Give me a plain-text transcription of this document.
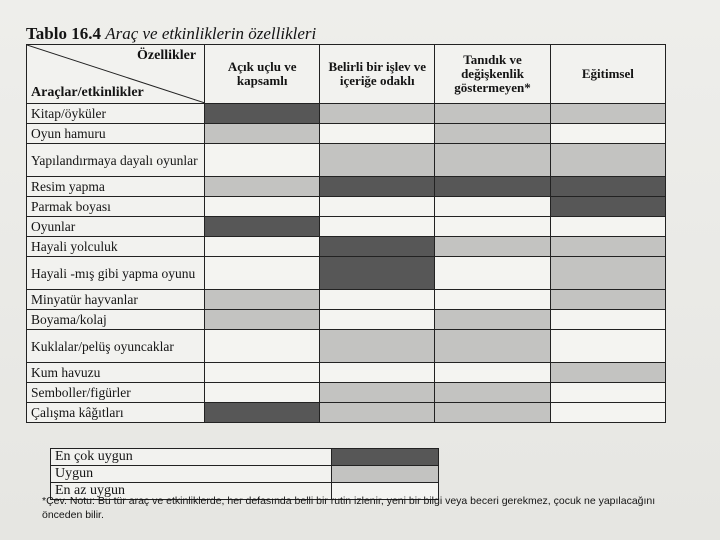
Tablo 16.4 Araç ve etkinliklerin özellikleri
Özellikler
Araçlar/etkinlikler	Açık uçlu ve kapsamlı	Belirli bir işlev ve içeriğe odaklı	Tanıdık ve değişkenlik göstermeyen*	Eğitimsel
Kitap/öyküler				
Oyun hamuru				
Yapılandırmaya dayalı oyunlar				
Resim yapma				
Parmak boyası				
Oyunlar				
Hayali yolculuk				
Hayali -mış gibi yapma oyunu				
Minyatür hayvanlar				
Boyama/kolaj				
Kuklalar/pelüş oyuncaklar				
Kum havuzu				
Semboller/figürler				
Çalışma kâğıtları				
En çok uygun	
Uygun	
En az uygun	
*Çev. Notu: Bu tür araç ve etkinliklerde, her defasında belli bir rutin izlenir, yeni bir bilgi veya beceri gerekmez, çocuk ne yapılacağını önceden bilir.
